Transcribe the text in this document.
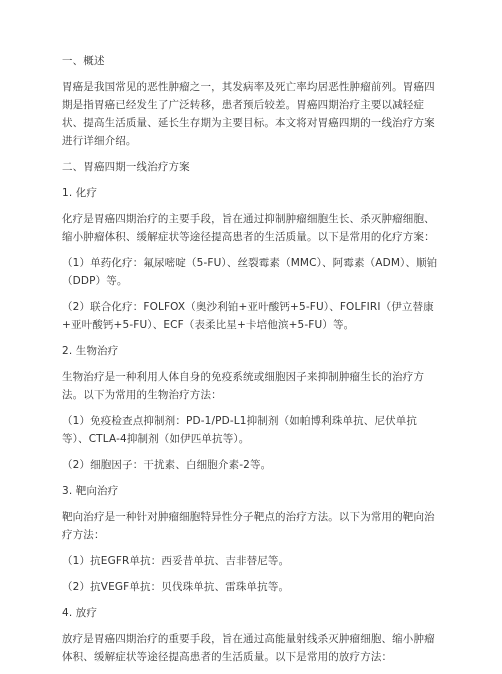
一、概述
胃癌是我国常见的恶性肿瘤之一，其发病率及死亡率均居恶性肿瘤前列。胃癌四期是指胃癌已经发生了广泛转移，患者预后较差。胃癌四期治疗主要以减轻症状、提高生活质量、延长生存期为主要目标。本文将对胃癌四期的一线治疗方案进行详细介绍。
二、胃癌四期一线治疗方案
1. 化疗
化疗是胃癌四期治疗的主要手段，旨在通过抑制肿瘤细胞生长、杀灭肿瘤细胞、缩小肿瘤体积、缓解症状等途径提高患者的生活质量。以下是常用的化疗方案：
（1）单药化疗：氟尿嘧啶（5-FU）、丝裂霉素（MMC）、阿霉素（ADM）、顺铂（DDP）等。
（2）联合化疗：FOLFOX（奥沙利铂+亚叶酸钙+5-FU）、FOLFIRI（伊立替康+亚叶酸钙+5-FU）、ECF（表柔比星+卡培他滨+5-FU）等。
2. 生物治疗
生物治疗是一种利用人体自身的免疫系统或细胞因子来抑制肿瘤生长的治疗方法。以下为常用的生物治疗方法：
（1）免疫检查点抑制剂：PD-1/PD-L1抑制剂（如帕博利珠单抗、尼伏单抗等）、CTLA-4抑制剂（如伊匹单抗等）。
（2）细胞因子：干扰素、白细胞介素-2等。
3. 靶向治疗
靶向治疗是一种针对肿瘤细胞特异性分子靶点的治疗方法。以下为常用的靶向治疗方法：
（1）抗EGFR单抗：西妥昔单抗、吉非替尼等。
（2）抗VEGF单抗：贝伐珠单抗、雷珠单抗等。
4. 放疗
放疗是胃癌四期治疗的重要手段，旨在通过高能量射线杀灭肿瘤细胞、缩小肿瘤体积、缓解症状等途径提高患者的生活质量。以下是常用的放疗方法：
